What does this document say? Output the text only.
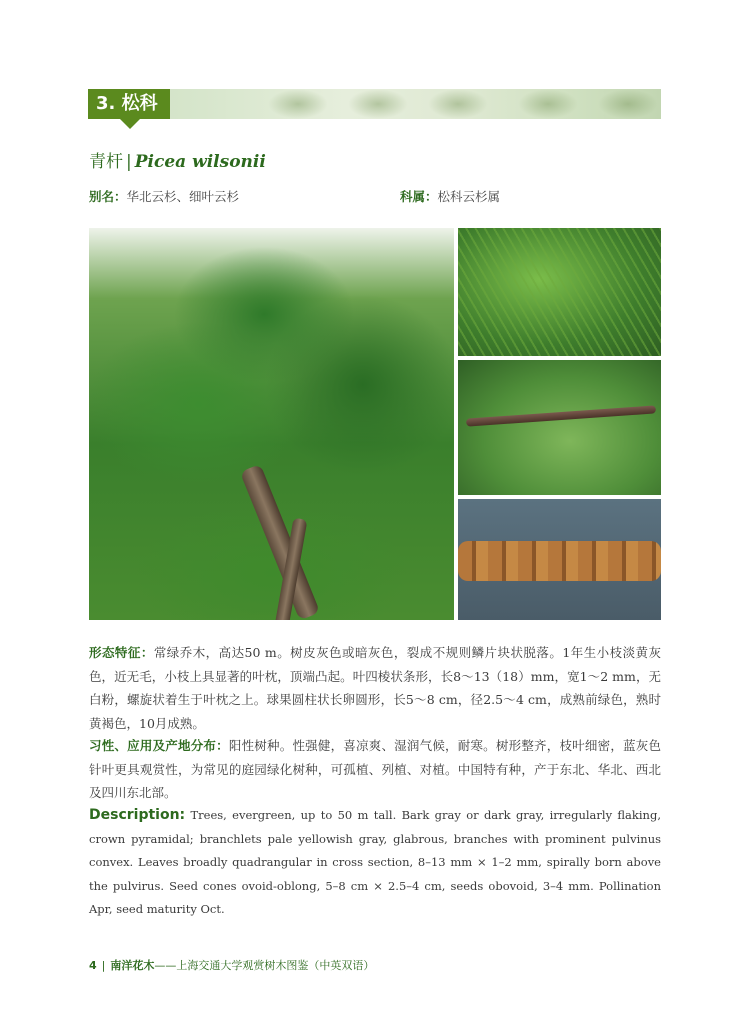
3. 松科
青杆 | Picea wilsonii
别名：华北云杉、细叶云杉	科属：松科云杉属
形态特征：常绿乔木，高达50 m。树皮灰色或暗灰色，裂成不规则鳞片块状脱落。1年生小枝淡黄灰色，近无毛，小枝上具显著的叶枕，顶端凸起。叶四棱状条形，长8～13（18）mm，宽1～2 mm，无白粉，螺旋状着生于叶枕之上。球果圆柱状长卵圆形，长5～8 cm，径2.5～4 cm，成熟前绿色，熟时黄褐色，10月成熟。
习性、应用及产地分布：阳性树种。性强健，喜凉爽、湿润气候，耐寒。树形整齐，枝叶细密，蓝灰色针叶更具观赏性，为常见的庭园绿化树种，可孤植、列植、对植。中国特有种，产于东北、华北、西北及四川东北部。
Description: Trees, evergreen, up to 50 m tall. Bark gray or dark gray, irregularly flaking, crown pyramidal; branchlets pale yellowish gray, glabrous, branches with prominent pulvinus convex. Leaves broadly quadrangular in cross section, 8–13 mm × 1–2 mm, spirally born above the pulvirus. Seed cones ovoid-oblong, 5–8 cm × 2.5–4 cm, seeds obovoid, 3–4 mm. Pollination Apr, seed maturity Oct.
4 | 南洋花木——上海交通大学观赏树木图鉴（中英双语）
